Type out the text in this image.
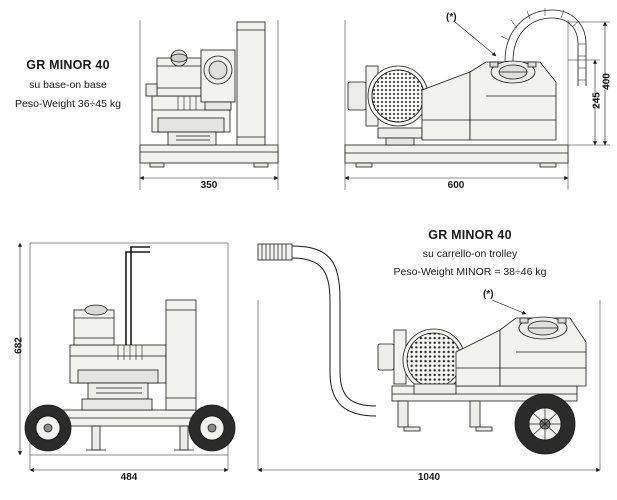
GR MINOR 40
su base-on base
Peso-Weight 36÷45 kg
GR MINOR 40
su carrello-on trolley
Peso-Weight MINOR = 38÷46 kg
350	600
400
245
(*)
(*)
682
484	1040
